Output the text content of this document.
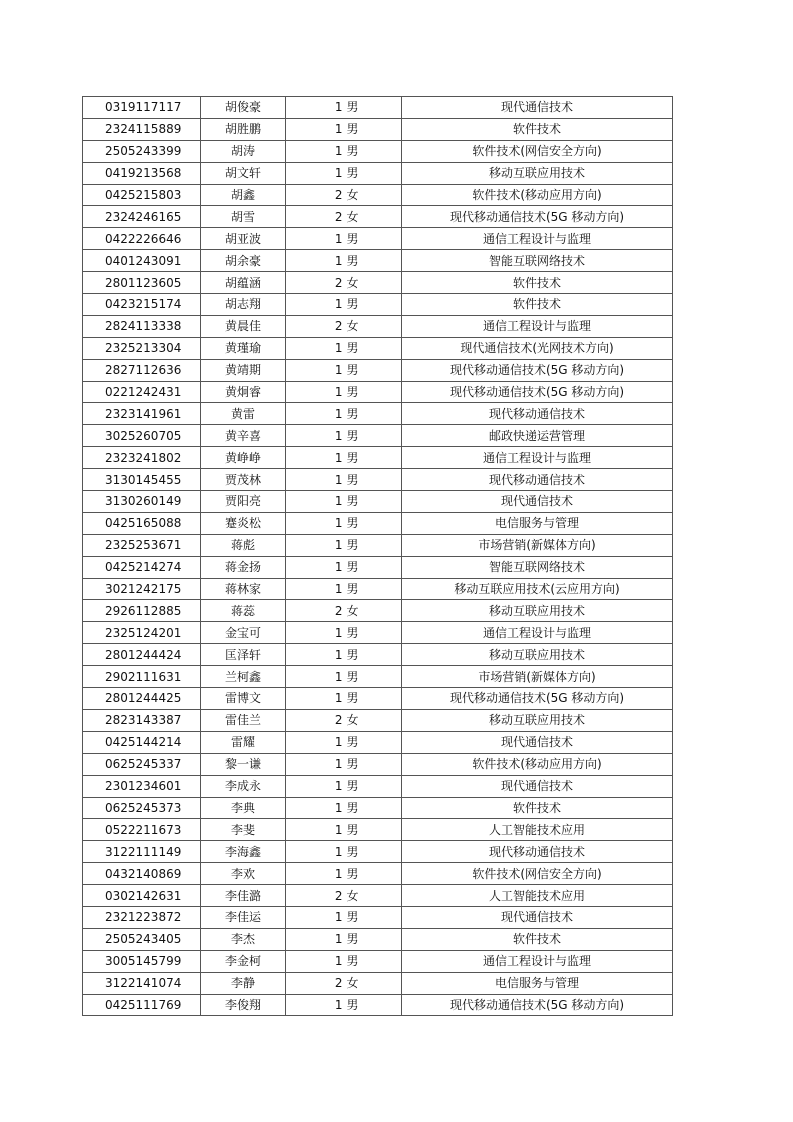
0319117117	胡俊豪	1 男	现代通信技术
2324115889	胡胜鹏	1 男	软件技术
2505243399	胡涛	1 男	软件技术(网信安全方向)
0419213568	胡文轩	1 男	移动互联应用技术
0425215803	胡鑫	2 女	软件技术(移动应用方向)
2324246165	胡雪	2 女	现代移动通信技术(5G 移动方向)
0422226646	胡亚波	1 男	通信工程设计与监理
0401243091	胡余豪	1 男	智能互联网络技术
2801123605	胡蕴涵	2 女	软件技术
0423215174	胡志翔	1 男	软件技术
2824113338	黄晨佳	2 女	通信工程设计与监理
2325213304	黄瑾瑜	1 男	现代通信技术(光网技术方向)
2827112636	黄靖期	1 男	现代移动通信技术(5G 移动方向)
0221242431	黄炯睿	1 男	现代移动通信技术(5G 移动方向)
2323141961	黄雷	1 男	现代移动通信技术
3025260705	黄辛喜	1 男	邮政快递运营管理
2323241802	黄峥峥	1 男	通信工程设计与监理
3130145455	贾茂林	1 男	现代移动通信技术
3130260149	贾阳亮	1 男	现代通信技术
0425165088	蹇炎松	1 男	电信服务与管理
2325253671	蒋彪	1 男	市场营销(新媒体方向)
0425214274	蒋金扬	1 男	智能互联网络技术
3021242175	蒋林家	1 男	移动互联应用技术(云应用方向)
2926112885	蒋蕊	2 女	移动互联应用技术
2325124201	金宝可	1 男	通信工程设计与监理
2801244424	匡泽轩	1 男	移动互联应用技术
2902111631	兰柯鑫	1 男	市场营销(新媒体方向)
2801244425	雷博文	1 男	现代移动通信技术(5G 移动方向)
2823143387	雷佳兰	2 女	移动互联应用技术
0425144214	雷耀	1 男	现代通信技术
0625245337	黎一谦	1 男	软件技术(移动应用方向)
2301234601	李成永	1 男	现代通信技术
0625245373	李典	1 男	软件技术
0522211673	李斐	1 男	人工智能技术应用
3122111149	李海鑫	1 男	现代移动通信技术
0432140869	李欢	1 男	软件技术(网信安全方向)
0302142631	李佳潞	2 女	人工智能技术应用
2321223872	李佳运	1 男	现代通信技术
2505243405	李杰	1 男	软件技术
3005145799	李金柯	1 男	通信工程设计与监理
3122141074	李静	2 女	电信服务与管理
0425111769	李俊翔	1 男	现代移动通信技术(5G 移动方向)
